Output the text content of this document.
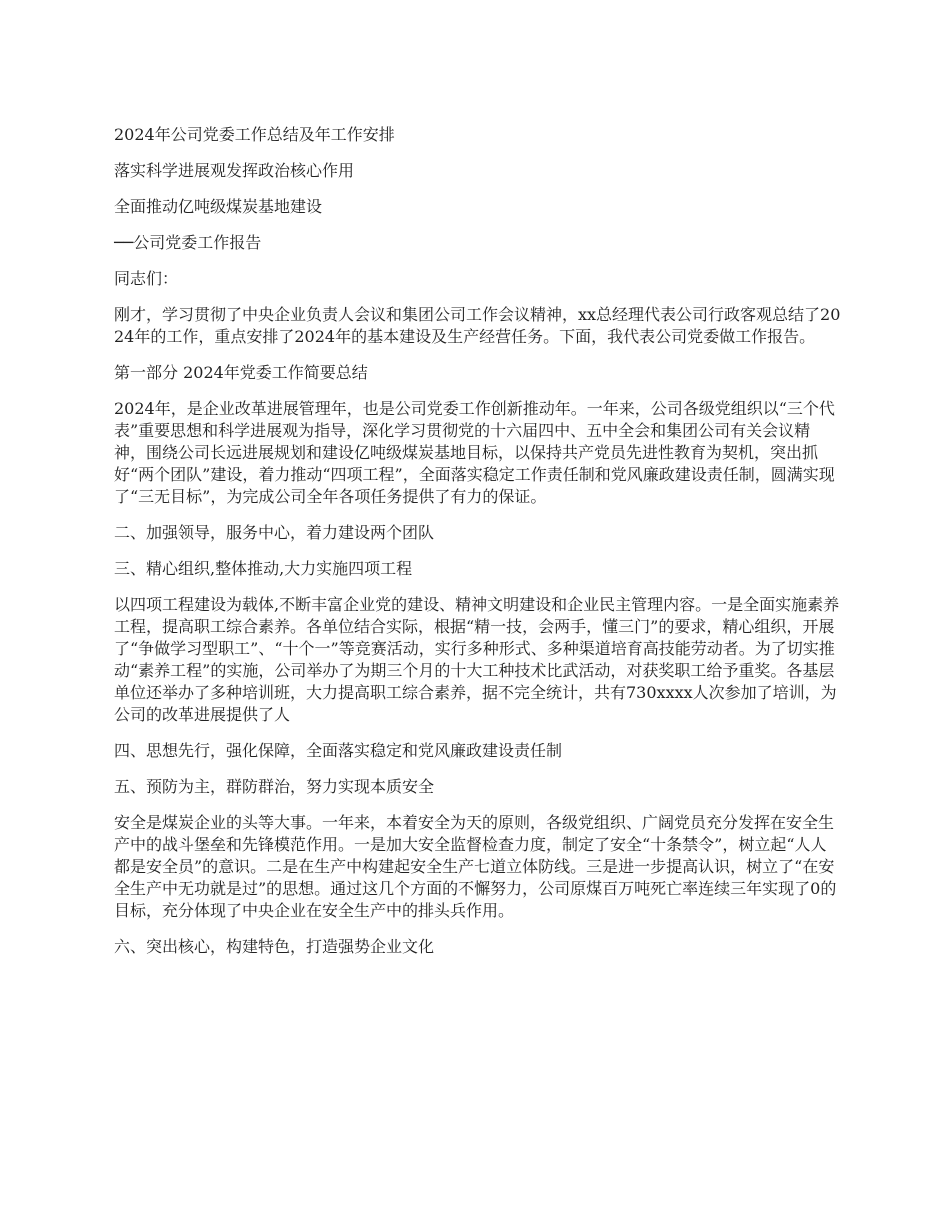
2024年公司党委工作总结及年工作安排

落实科学进展观发挥政治核心作用

全面推动亿吨级煤炭基地建设

──公司党委工作报告

同志们：

刚才，学习贯彻了中央企业负责人会议和集团公司工作会议精神，xx总经理代表公司行政客观总结了2024年的工作，重点安排了2024年的基本建设及生产经营任务。下面，我代表公司党委做工作报告。

第一部分 2024年党委工作简要总结

2024年，是企业改革进展管理年，也是公司党委工作创新推动年。一年来，公司各级党组织以“三个代表”重要思想和科学进展观为指导，深化学习贯彻党的十六届四中、五中全会和集团公司有关会议精神，围绕公司长远进展规划和建设亿吨级煤炭基地目标，以保持共产党员先进性教育为契机，突出抓好“两个团队”建设，着力推动“四项工程”，全面落实稳定工作责任制和党风廉政建设责任制，圆满实现了“三无目标”，为完成公司全年各项任务提供了有力的保证。

二、加强领导，服务中心，着力建设两个团队

三、精心组织,整体推动,大力实施四项工程

以四项工程建设为载体,不断丰富企业党的建设、精神文明建设和企业民主管理内容。一是全面实施素养工程，提高职工综合素养。各单位结合实际，根据“精一技，会两手，懂三门”的要求，精心组织，开展了“争做学习型职工”、“十个一”等竞赛活动，实行多种形式、多种渠道培育高技能劳动者。为了切实推动“素养工程”的实施，公司举办了为期三个月的十大工种技术比武活动，对获奖职工给予重奖。各基层单位还举办了多种培训班，大力提高职工综合素养，据不完全统计，共有730xxxx人次参加了培训，为公司的改革进展提供了人

四、思想先行，强化保障，全面落实稳定和党风廉政建设责任制

五、预防为主，群防群治，努力实现本质安全

安全是煤炭企业的头等大事。一年来，本着安全为天的原则，各级党组织、广阔党员充分发挥在安全生产中的战斗堡垒和先锋模范作用。一是加大安全监督检查力度，制定了安全“十条禁令”，树立起“人人都是安全员”的意识。二是在生产中构建起安全生产七道立体防线。三是进一步提高认识，树立了“在安全生产中无功就是过”的思想。通过这几个方面的不懈努力，公司原煤百万吨死亡率连续三年实现了0的目标，充分体现了中央企业在安全生产中的排头兵作用。

六、突出核心，构建特色，打造强势企业文化
